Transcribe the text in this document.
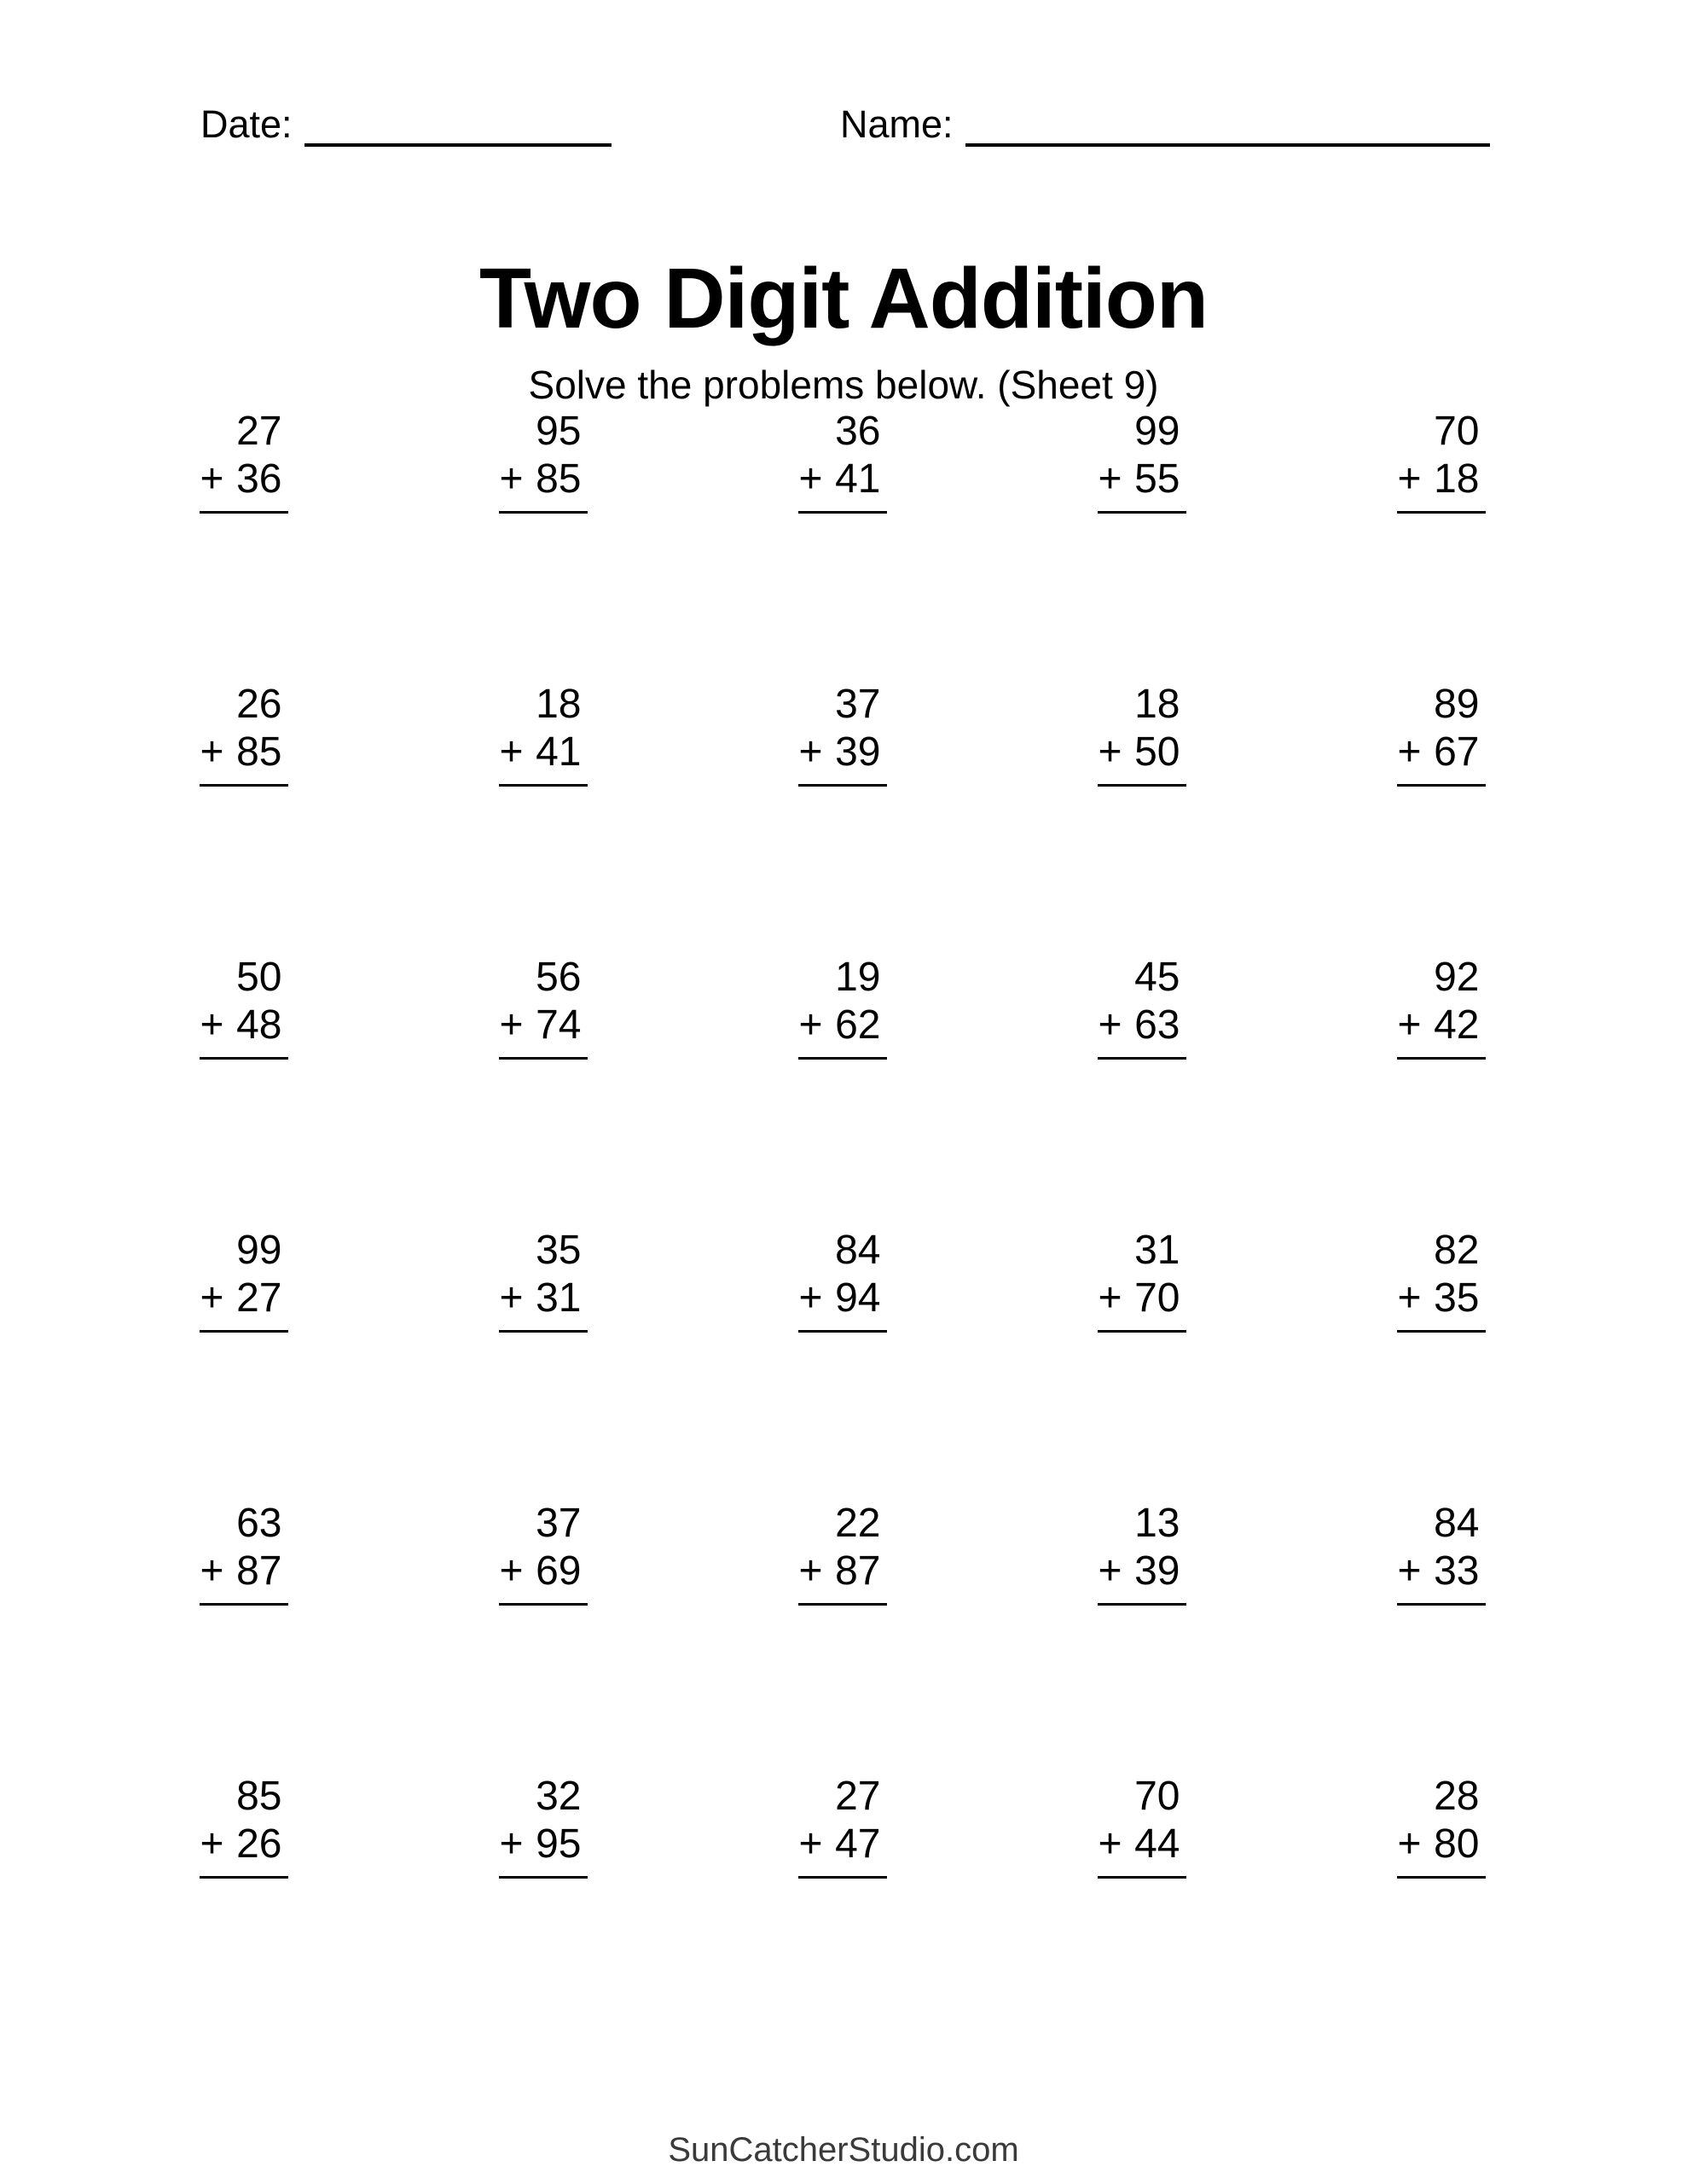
Date:	Name:
Two Digit Addition
Solve the problems below. (Sheet 9)
27
+ 36
95
+ 85
36
+ 41
99
+ 55
70
+ 18
26
+ 85
18
+ 41
37
+ 39
18
+ 50
89
+ 67
50
+ 48
56
+ 74
19
+ 62
45
+ 63
92
+ 42
99
+ 27
35
+ 31
84
+ 94
31
+ 70
82
+ 35
63
+ 87
37
+ 69
22
+ 87
13
+ 39
84
+ 33
85
+ 26
32
+ 95
27
+ 47
70
+ 44
28
+ 80
SunCatcherStudio.com
